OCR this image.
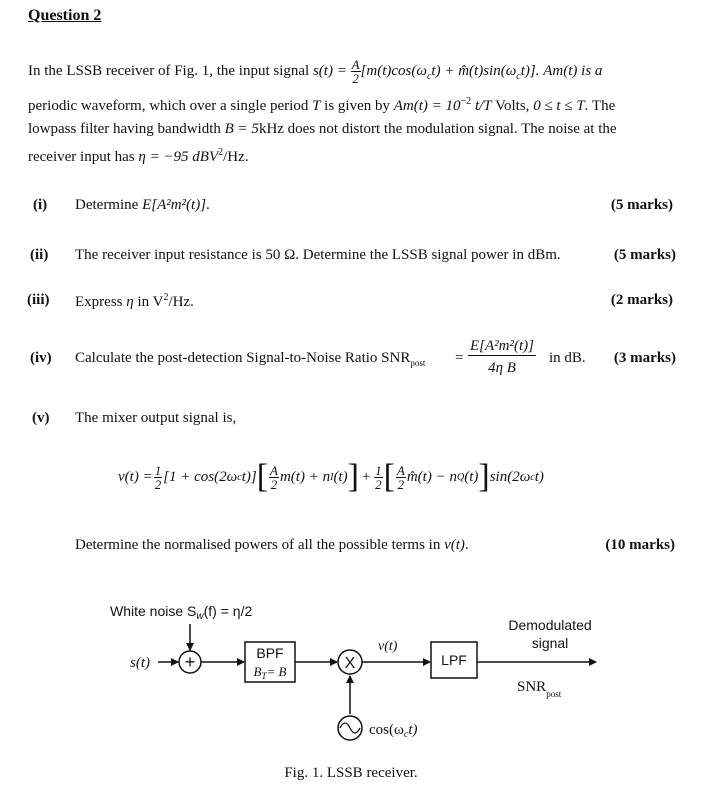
Question 2
In the LSSB receiver of Fig. 1, the input signal $s(t) = \frac{A}{2} [m(t)\cos(\omega_ct)$ + $m̂(t)\sin(\omega_ct)$]. Am(t) is a
periodic waveform, which over a single period T is given by $Am(t) = 10^{-2}$ t/T Volts, 0 ≤ t ≤ T. The
lowpass filter having bandwidth B = 5kHz does not distort the modulation signal. The noise at the
receiver input has η = −95 dBV$^2$/Hz.
(i) Determine E[A²m²(t)].	(5 marks)
(ii) The receiver input resistance is 50 Ω. Determine the LSSB signal power in dBm.	(5 marks)
(iii) Express η in $V^2/Hz$.	(2 marks)
(iv) Calculate the post-detection Signal-to-Noise Ratio $SNR_{post}$ =
E[A²m²(t)]
4η B
in dB. (3 marks)
(v) The mixer output signal is,
$v(t) = \frac{1}{2} [1 + \cos(2\omega$ c t)] [ $\frac{A}{2} m(t) + n$ I (t) ] + $\frac{1}{2}$ [ $\frac{A}{2}$ m̂(t) − n Q (t) ] sin(2ω c t)
Determine the normalised powers of all the possible terms in v(t).	(10 marks)
White noise $S_w(f) = \eta/2$
s(t) +	BPF
$B_T= B$	X
v(t)
LPF
Demodulated
signal
$SNR_{post}$
$\cos(\omega_ct)$
Fig. 1. LSSB receiver.
